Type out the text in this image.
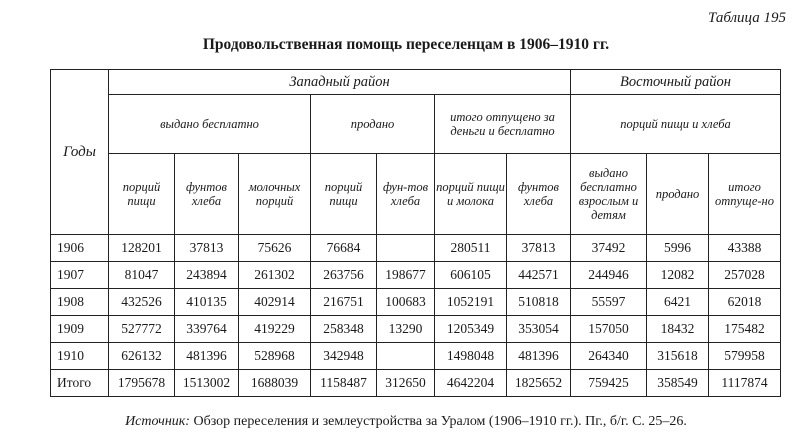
Таблица 195
Продовольственная помощь переселенцам в 1906–1910 гг.
Годы	Западный район							Восточный район		
	выдано бесплатно			продано		итого отпущено за деньги и бесплатно		порций пищи и хлеба		
	порций пищи	фунтов хлеба	молочных порций	порций пищи	фун-тов хлеба	порций пищи и молока	фунтов хлеба	выдано бесплатно взрослым и детям	продано	итого отпуще-но
1906	128201	37813	75626	76684		280511	37813	37492	5996	43388
1907	81047	243894	261302	263756	198677	606105	442571	244946	12082	257028
1908	432526	410135	402914	216751	100683	1052191	510818	55597	6421	62018
1909	527772	339764	419229	258348	13290	1205349	353054	157050	18432	175482
1910	626132	481396	528968	342948		1498048	481396	264340	315618	579958
Итого	1795678	1513002	1688039	1158487	312650	4642204	1825652	759425	358549	1117874
Источник: Обзор переселения и землеустройства за Уралом (1906–1910 гг.). Пг., б/г. С. 25–26.
